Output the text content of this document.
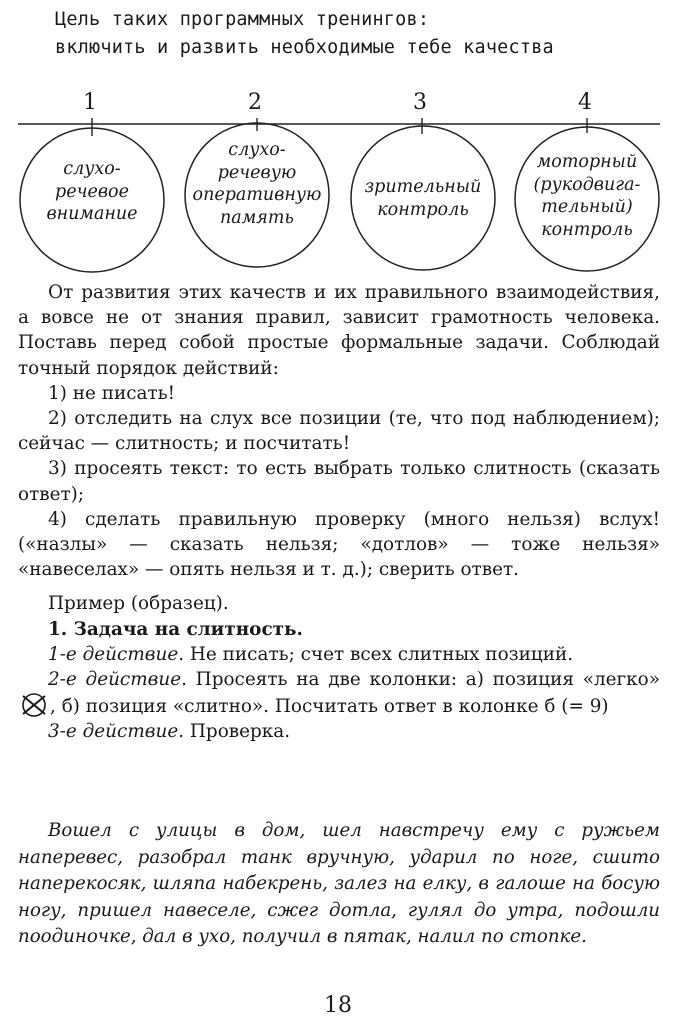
Цель таких программных тренингов:
включить и развить необходимые тебе качества
1	2	3	4
слухо-
речевое
внимание
слухо-
речевую
оперативную
память
зрительный
контроль
моторный
(рукодвига-
тельный)
контроль

От развития этих качеств и их правильного взаимодействия, а вовсе не от знания правил, зависит грамотность человека. Поставь перед собой простые формальные задачи. Соблюдай точный порядок действий:

1) не писать!

2) отследить на слух все позиции (те, что под наблюдением); сейчас — слитность; и посчитать!

3) просеять текст: то есть выбрать только слитность (сказать ответ);

4) сделать правильную проверку (много нельзя) вслух! («назлы» — сказать нельзя; «дотлов» — тоже нельзя» «навеселах» — опять нельзя и т. д.); сверить ответ.

Пример (образец).

1. Задача на слитность.

1-е действие. Не писать; счет всех слитных позиций.

2-е действие. Просеять на две колонки: а) позиция «легко», б) позиция «слитно». Посчитать ответ в колонке б (= 9)

3-е действие. Проверка.

Вошел с улицы в дом, шел навстречу ему с ружьем наперевес, разобрал танк вручную, ударил по ноге, сшито наперекосяк, шляпа набекрень, залез на елку, в галоше на босую ногу, пришел навеселе, сжег дотла, гулял до утра, подошли поодиночке, дал в ухо, получил в пятак, налил по стопке.

18
